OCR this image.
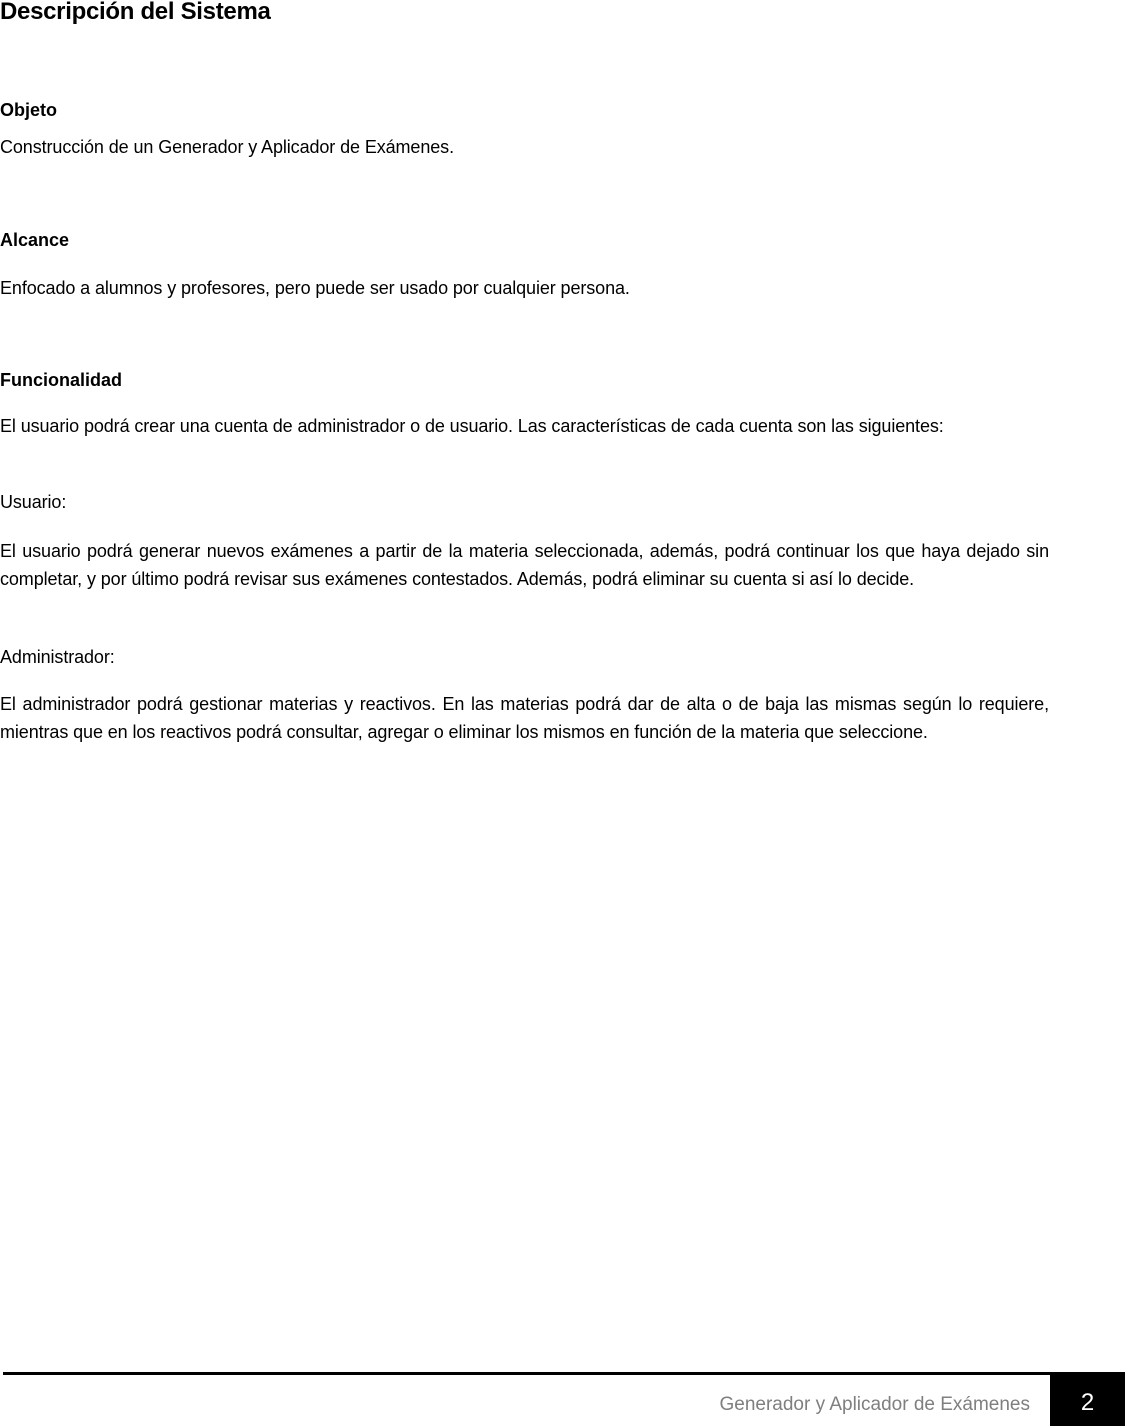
Descripción del Sistema
Objeto

Construcción de un Generador y Aplicador de Exámenes.

Alcance

Enfocado a alumnos y profesores, pero puede ser usado por cualquier persona.

Funcionalidad

El usuario podrá crear una cuenta de administrador o de usuario. Las características de cada cuenta son las siguientes:

Usuario:

El usuario podrá generar nuevos exámenes a partir de la materia seleccionada, además, podrá continuar los que haya dejado sin completar, y por último podrá revisar sus exámenes contestados. Además, podrá eliminar su cuenta si así lo decide.

Administrador:

El administrador podrá gestionar materias y reactivos. En las materias podrá dar de alta o de baja las mismas según lo requiere, mientras que en los reactivos podrá consultar, agregar o eliminar los mismos en función de la materia que seleccione.

Generador y Aplicador de Exámenes	2
